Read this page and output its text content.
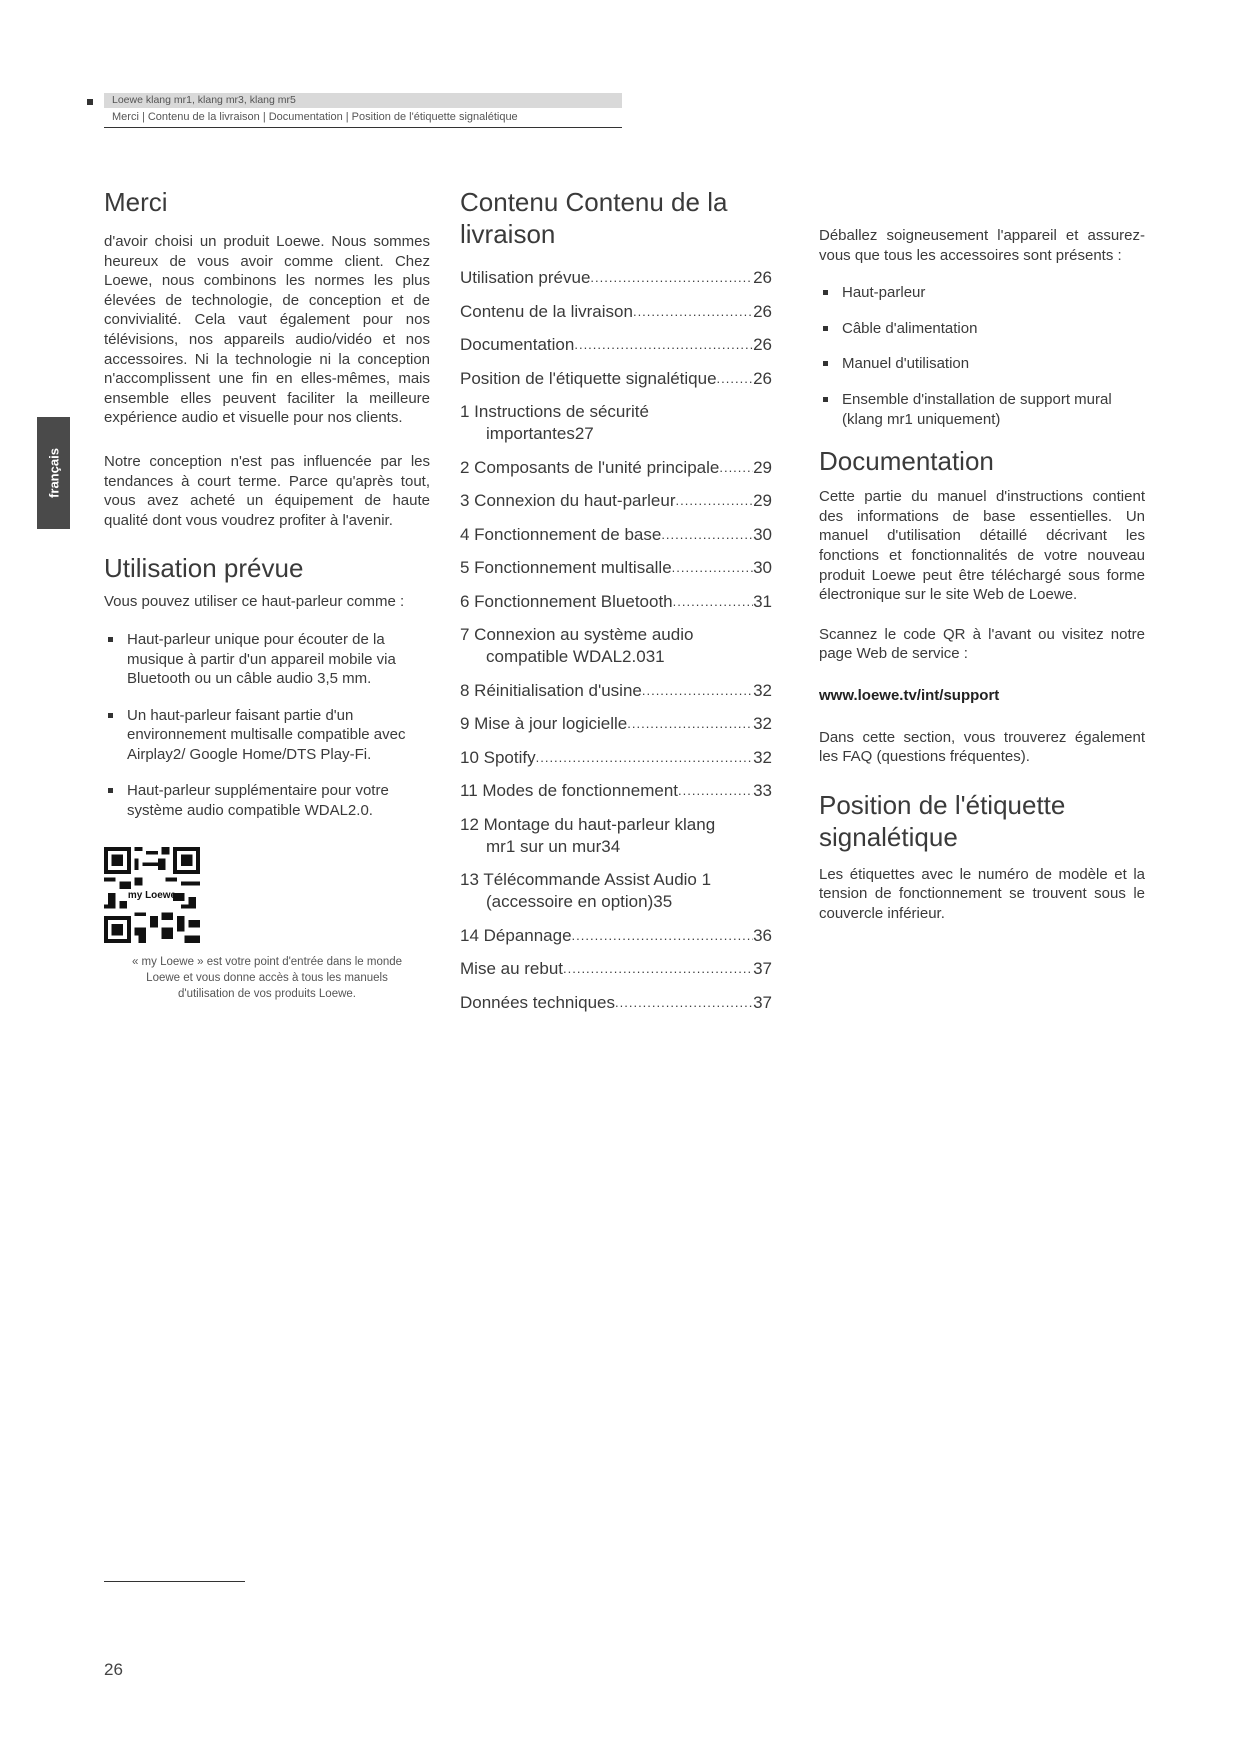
Loewe klang mr1, klang mr3, klang mr5
Merci | Contenu de la livraison | Documentation | Position de l'étiquette signalétique
français
Merci

d'avoir choisi un produit Loewe. Nous sommes heureux de vous avoir comme client. Chez Loewe, nous combinons les normes les plus élevées de technologie, de conception et de convivialité. Cela vaut également pour nos télévisions, nos appareils audio/vidéo et nos accessoires. Ni la technologie ni la conception n'accomplissent une fin en elles-mêmes, mais ensemble elles peuvent faciliter la meilleure expérience audio et visuelle pour nos clients.

Notre conception n'est pas influencée par les tendances à court terme. Parce qu'après tout, vous avez acheté un équipement de haute qualité dont vous voudrez profiter à l'avenir.

Utilisation prévue

Vous pouvez utiliser ce haut-parleur comme :

Haut-parleur unique pour écouter de la musique à partir d'un appareil mobile via Bluetooth ou un câble audio 3,5 mm.
Un haut-parleur faisant partie d'un environnement multisalle compatible avec Airplay2/ Google Home/DTS Play-Fi.
Haut-parleur supplémentaire pour votre système audio compatible WDAL2.0.
my Loewe
« my Loewe » est votre point d'entrée dans le monde Loewe et vous donne accès à tous les manuels d'utilisation de vos produits Loewe.
Contenu Contenu de la livraison
Utilisation prévue .....	26
Contenu de la livraison .....	26
Documentation .....	26
Position de l'étiquette signalétique ..... 26
1 Instructions de sécurité
importantes 27
2 Composants de l'unité principale ..... 29
3 Connexion du haut-parleur .....	29
4 Fonctionnement de base .....	30
5 Fonctionnement multisalle .....	30
6 Fonctionnement Bluetooth .....	31
7 Connexion au système audio
compatible WDAL2.0 31
8 Réinitialisation d'usine .....	32
9 Mise à jour logicielle .....	32
10 Spotify .....	32
11 Modes de fonctionnement .....	33
12 Montage du haut-parleur klang
mr1 sur un mur 34
13 Télécommande Assist Audio 1
(accessoire en option) 35
14 Dépannage .....	36
Mise au rebut .....	37
Données techniques .....	37

Déballez soigneusement l'appareil et assurez-vous que tous les accessoires sont présents :

Haut-parleur
Câble d'alimentation
Manuel d'utilisation
Ensemble d'installation de support mural (klang mr1 uniquement)
Documentation

Cette partie du manuel d'instructions contient des informations de base essentielles. Un manuel d'utilisation détaillé décrivant les fonctions et fonctionnalités de votre nouveau produit Loewe peut être téléchargé sous forme électronique sur le site Web de Loewe.

Scannez le code QR à l'avant ou visitez notre page Web de service :

www.loewe.tv/int/support

Dans cette section, vous trouverez également les FAQ (questions fréquentes).

Position de l'étiquette signalétique

Les étiquettes avec le numéro de modèle et la tension de fonctionnement se trouvent sous le couvercle inférieur.

26
